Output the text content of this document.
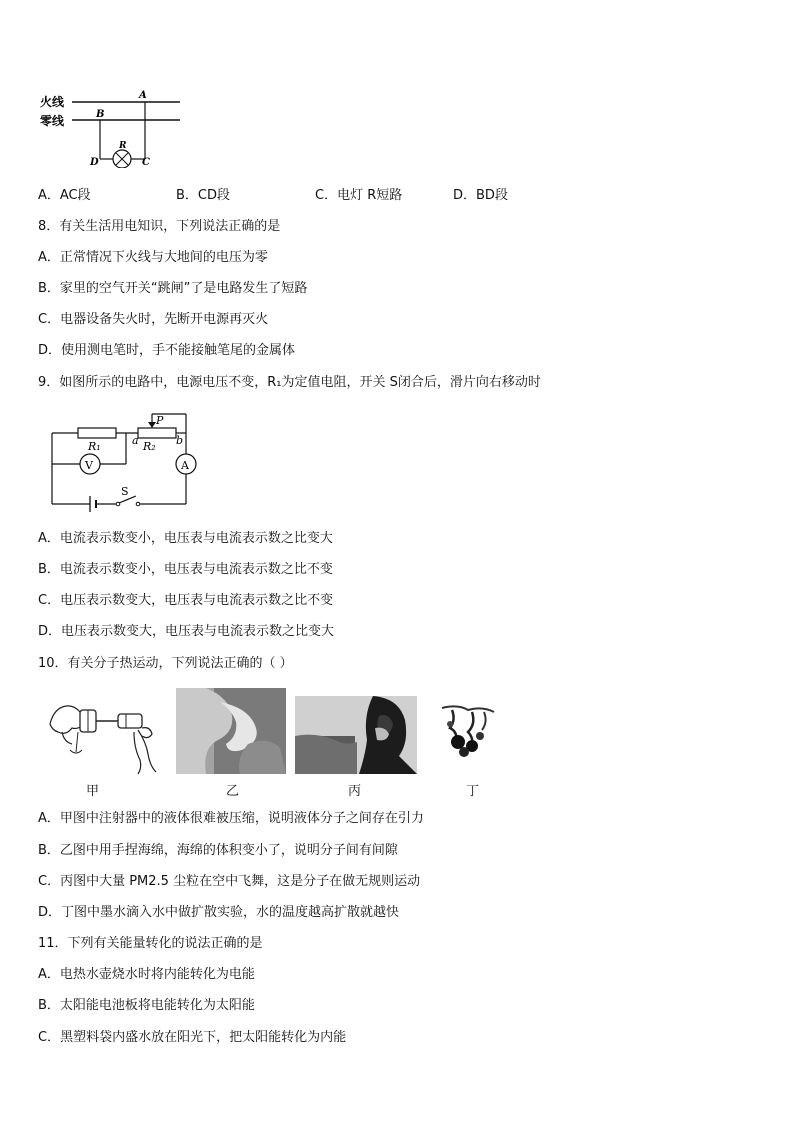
火线
零线
A
B
D	C
R
A．AC段	B．CD段	C．电灯 R短路	D．BD段
8．有关生活用电知识，下列说法正确的是
A．正常情况下火线与大地间的电压为零
B．家里的空气开关“跳闸”了是电路发生了短路
C．电器设备失火时，先断开电源再灭火
D．使用测电笔时，手不能接触笔尾的金属体
9．如图所示的电路中，电源电压不变，R₁为定值电阻，开关 S闭合后，滑片向右移动时
A
P
R₁	R₂
a	b
V
S
A．电流表示数变小，电压表与电流表示数之比变大
B．电流表示数变小，电压表与电流表示数之比不变
C．电压表示数变大，电压表与电流表示数之比不变
D．电压表示数变大，电压表与电流表示数之比变大
10．有关分子热运动，下列说法正确的（ ）
甲	乙	丙	丁
A．甲图中注射器中的液体很难被压缩，说明液体分子之间存在引力
B．乙图中用手捏海绵，海绵的体积变小了，说明分子间有间隙
C．丙图中大量 PM2.5 尘粒在空中飞舞，这是分子在做无规则运动
D．丁图中墨水滴入水中做扩散实验，水的温度越高扩散就越快
11．下列有关能量转化的说法正确的是
A．电热水壶烧水时将内能转化为电能
B．太阳能电池板将电能转化为太阳能
C．黑塑料袋内盛水放在阳光下，把太阳能转化为内能
